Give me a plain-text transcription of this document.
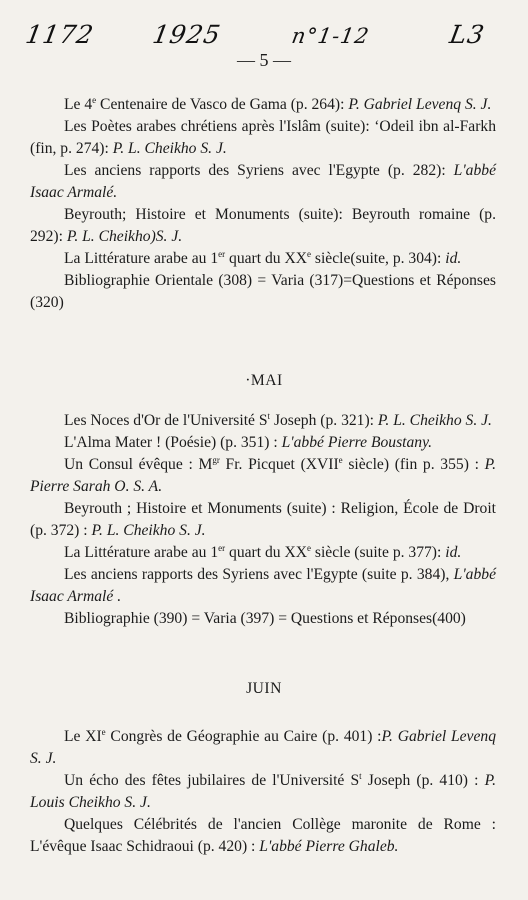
1172 1925	n°1-12	L3
— 5 —

Le 4e Centenaire de Vasco de Gama (p. 264): P. Gabriel Levenq S. J.

Les Poètes arabes chrétiens après l'Islâm (suite): ‘Odeil ibn al-Farkh (fin, p. 274): P. L. Cheikho S. J.

Les anciens rapports des Syriens avec l'Egypte (p. 282): L'abbé Isaac Armalé.

Beyrouth; Histoire et Monuments (suite): Beyrouth romaine (p. 292): P. L. Cheikho)S. J.

La Littérature arabe au 1er quart du XXe siècle(suite, p. 304): id.

Bibliographie Orientale (308) = Varia (317)=Questions et Réponses (320)

·MAI

Les Noces d'Or de l'Université $S^t$ Joseph (p. 321): P. L. Cheikho S. J.

L'Alma Mater ! (Poésie) (p. 351) : L'abbé Pierre Boustany.

Un Consul évêque : $M^{gr}$ Fr. Picquet (XVIIe siècle) (fin p. 355) : P. Pierre Sarah O. S. A.

Beyrouth ; Histoire et Monuments (suite) : Religion, École de Droit (p. 372) : P. L. Cheikho S. J.

La Littérature arabe au 1er quart du XXe siècle (suite p. 377): id.

Les anciens rapports des Syriens avec l'Egypte (suite p. 384), L'abbé Isaac Armalé .

Bibliographie (390) = Varia (397) = Questions et Réponses(400)

JUIN

Le XIe Congrès de Géographie au Caire (p. 401) :P. Gabriel Levenq S. J.

Un écho des fêtes jubilaires de l'Université $S^t$ Joseph (p. 410) : P. Louis Cheikho S. J.

Quelques Célébrités de l'ancien Collège maronite de Rome : L'évêque Isaac Schidraoui (p. 420) : L'abbé Pierre Ghaleb.
